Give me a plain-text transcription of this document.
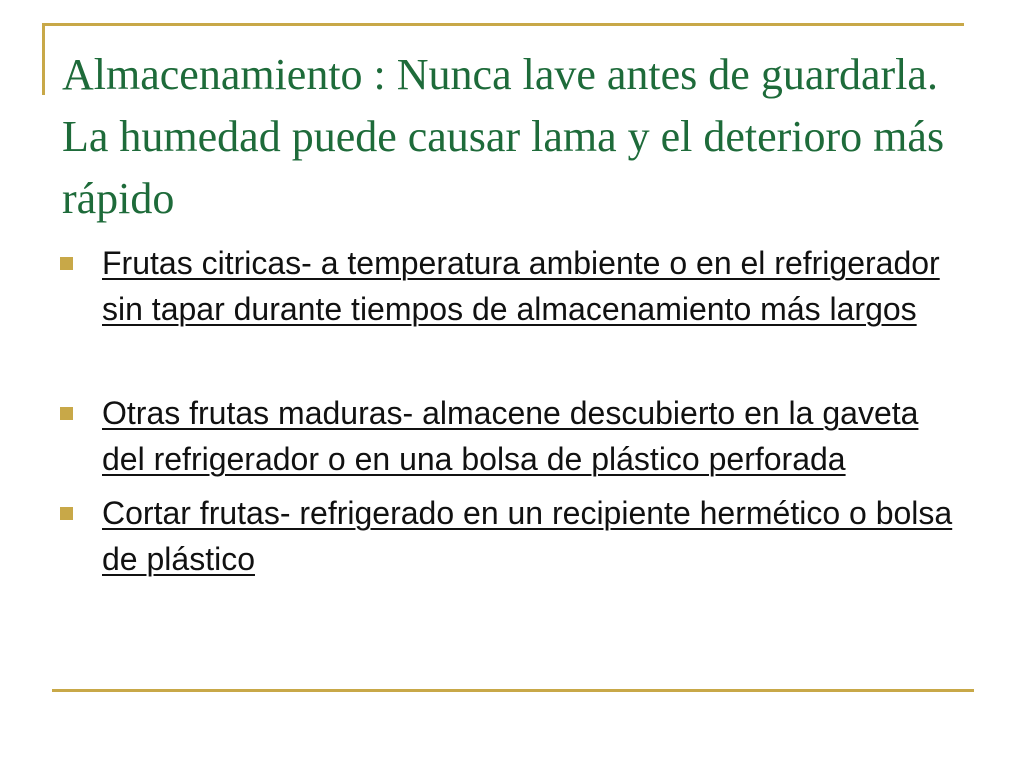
Almacenamiento : Nunca lave antes de guardarla. La humedad puede causar lama y el deterioro más rápido
Frutas citricas- a temperatura ambiente o en el refrigerador sin tapar durante tiempos de almacenamiento más largos
Otras frutas maduras- almacene descubierto en la gaveta del refrigerador o en una bolsa de plástico perforada
Cortar frutas- refrigerado en un recipiente hermético o bolsa de plástico
